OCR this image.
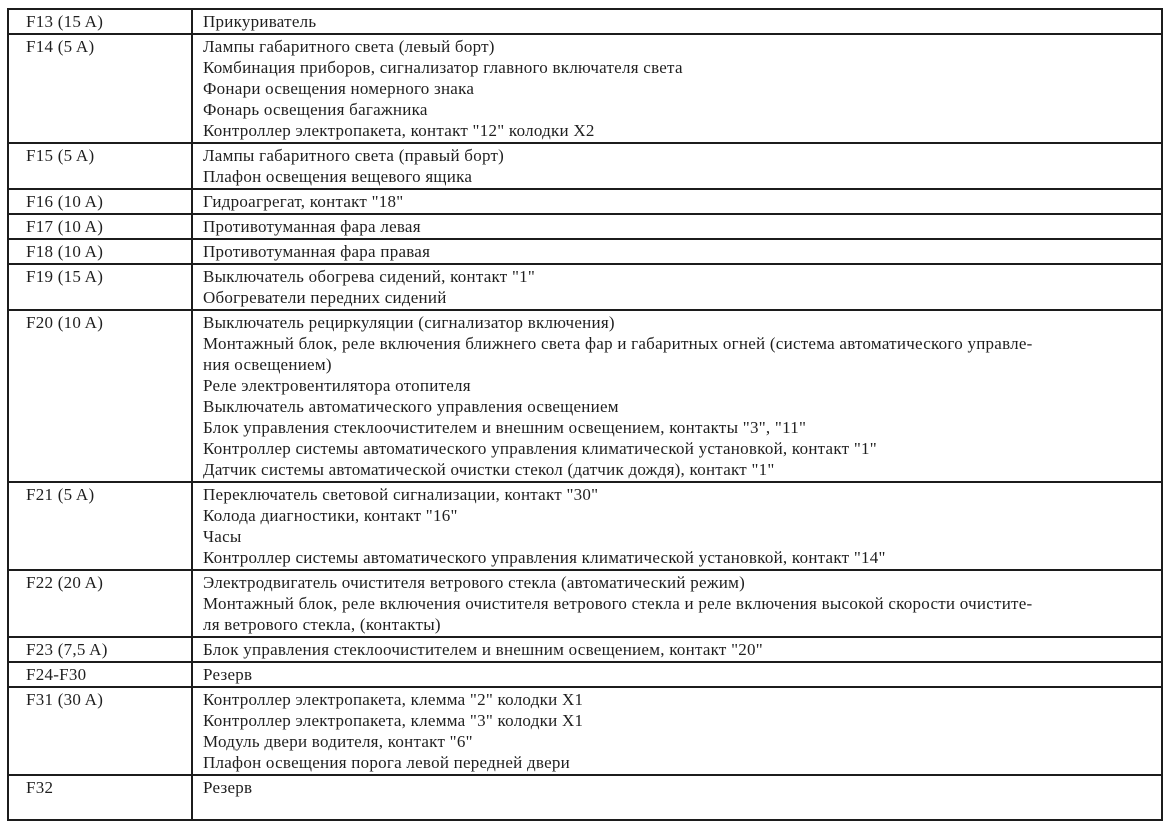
F13 (15 A)	Прикуриватель
F14 (5 A)	Лампы габаритного света (левый борт)
Комбинация приборов, сигнализатор главного включателя света
Фонари освещения номерного знака
Фонарь освещения багажника
Контроллер электропакета, контакт "12" колодки X2
F15 (5 A)	Лампы габаритного света (правый борт)
Плафон освещения вещевого ящика
F16 (10 A)	Гидроагрегат, контакт "18"
F17 (10 A)	Противотуманная фара левая
F18 (10 A)	Противотуманная фара правая
F19 (15 A)	Выключатель обогрева сидений, контакт "1"
Обогреватели передних сидений
F20 (10 A)	Выключатель рециркуляции (сигнализатор включения)
Монтажный блок, реле включения ближнего света фар и габаритных огней (система автоматического управле-
ния освещением)
Реле электровентилятора отопителя
Выключатель автоматического управления освещением
Блок управления стеклоочистителем и внешним освещением, контакты "3", "11"
Контроллер системы автоматического управления климатической установкой, контакт "1"
Датчик системы автоматической очистки стекол (датчик дождя), контакт "1"
F21 (5 A)	Переключатель световой сигнализации, контакт "30"
Колода диагностики, контакт "16"
Часы
Контроллер системы автоматического управления климатической установкой, контакт "14"
F22 (20 A)	Электродвигатель очистителя ветрового стекла (автоматический режим)
Монтажный блок, реле включения очистителя ветрового стекла и реле включения высокой скорости очистите-
ля ветрового стекла, (контакты)
F23 (7,5 A)	Блок управления стеклоочистителем и внешним освещением, контакт "20"
F24-F30	Резерв
F31 (30 A)	Контроллер электропакета, клемма "2" колодки X1
Контроллер электропакета, клемма "3" колодки X1
Модуль двери водителя, контакт "6"
Плафон освещения порога левой передней двери
F32	Резерв
